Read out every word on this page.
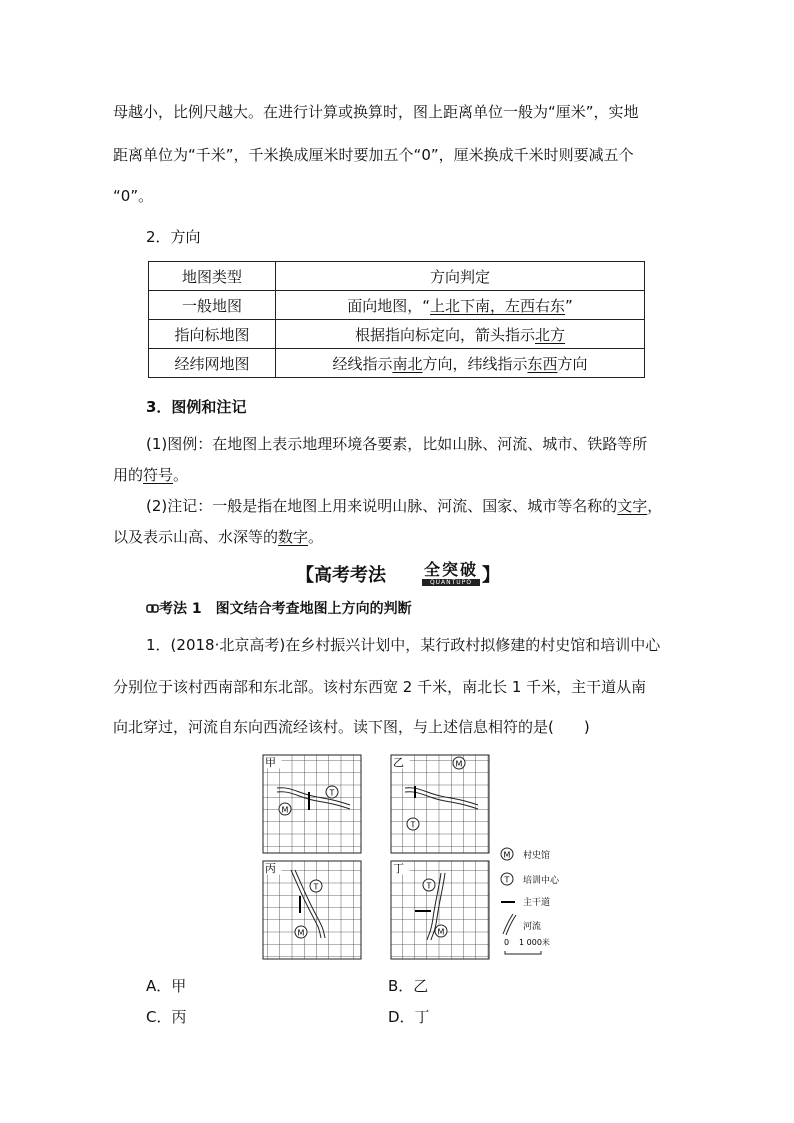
母越小，比例尺越大。在进行计算或换算时，图上距离单位一般为“厘米”，实地
距离单位为“千米”，千米换成厘米时要加五个“0”，厘米换成千米时则要减五个
“0”。
2．方向
地图类型	方向判定
一般地图	面向地图，“上北下南，左西右东”
指向标地图	根据指向标定向，箭头指示北方
经纬网地图	经线指示南北方向，纬线指示东西方向
3．图例和注记
(1)图例：在地图上表示地理环境各要素，比如山脉、河流、城市、铁路等所
用的符号。
(2)注记：一般是指在地图上用来说明山脉、河流、国家、城市等名称的文字，
以及表示山高、水深等的数字。
【高考考法 全突破
QUANTUPO 】
考法 1　图文结合考查地图上方向的判断
1．(2018·北京高考)在乡村振兴计划中，某行政村拟修建的村史馆和培训中心
分别位于该村西南部和东北部。该村东西宽 2 千米，南北长 1 千米，主干道从南
向北穿过，河流自东向西流经该村。读下图，与上述信息相符的是(　　)
甲
M
T
乙	M
T
丙
T
M
丁
T
M
M 村史馆
T 培训中心
主干道
河流
0 1 000米
A．甲	B．乙
C．丙	D．丁
